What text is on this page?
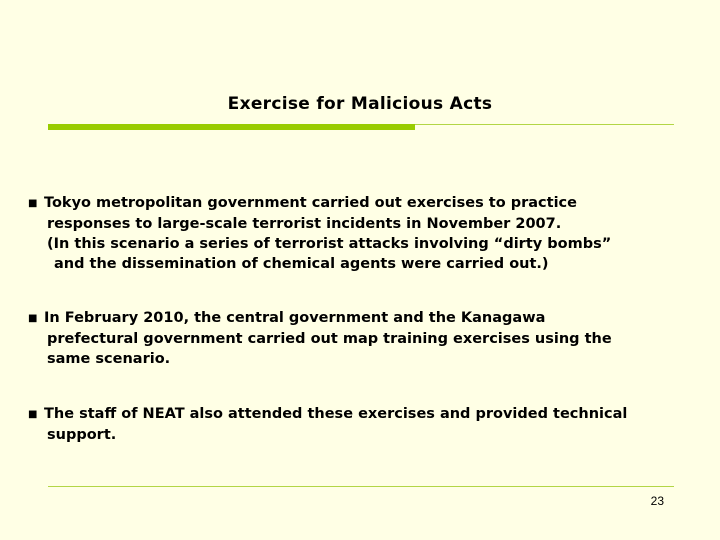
Exercise for Malicious Acts
■ Tokyo metropolitan government carried out exercises to practice
responses to large-scale terrorist incidents in November 2007.
(In this scenario a series of terrorist attacks involving “dirty bombs”
and the dissemination of chemical agents were carried out.)
■ In February 2010, the central government and the Kanagawa
prefectural government carried out map training exercises using the
same scenario.
■ The staff of NEAT also attended these exercises and provided technical
support.
23
